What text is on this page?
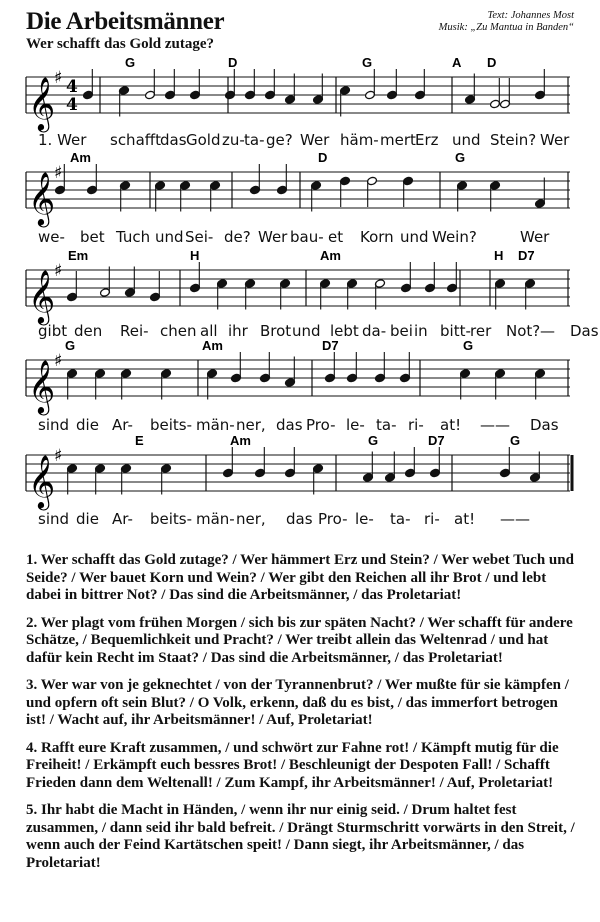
Die Arbeitsmänner
Wer schafft das Gold zutage?
Text: Johannes Most
Musik: „Zu Mantua in Banden“
𝄞
♯ 4
4
G	D	G	A D
1. Wer schafft das Gold zu- ta- ge? Wer häm- mert Erz und Stein? Wer
𝄞
♯
Am	D	G
we- bet Tuch und Sei- de? Wer bau- et Korn und Wein?	Wer
𝄞
♯
Em	H	Am	H D7
gibt den Rei- chen all ihr Brot und lebt da- bei in bitt- rer Not? — Das
𝄞
♯
G	Am	D7	G
sind die Ar- beits- män- ner, das Pro- le- ta- ri- at! —— Das
𝄞
♯
E	Am	G	D7	G
sind die Ar- beits- män- ner, das Pro- le- ta- ri- at! ——

1. Wer schafft das Gold zutage? / Wer hämmert Erz und Stein? / Wer webet Tuch und Seide? / Wer bauet Korn und Wein? / Wer gibt den Reichen all ihr Brot / und lebt dabei in bittrer Not? / Das sind die Arbeitsmänner, / das Proletariat!

2. Wer plagt vom frühen Morgen / sich bis zur späten Nacht? / Wer schafft für andere Schätze, / Bequemlichkeit und Pracht? / Wer treibt allein das Weltenrad / und hat dafür kein Recht im Staat? / Das sind die Arbeitsmänner, / das Proletariat!

3. Wer war von je geknechtet / von der Tyrannenbrut? / Wer mußte für sie kämpfen / und opfern oft sein Blut? / O Volk, erkenn, daß du es bist, / das immerfort betrogen ist! / Wacht auf, ihr Arbeitsmänner! / Auf, Proletariat!

4. Rafft eure Kraft zusammen, / und schwört zur Fahne rot! / Kämpft mutig für die Freiheit! / Erkämpft euch bessres Brot! / Beschleunigt der Despoten Fall! / Schafft Frieden dann dem Weltenall! / Zum Kampf, ihr Arbeitsmänner! / Auf, Proletariat!

5. Ihr habt die Macht in Händen, / wenn ihr nur einig seid. / Drum haltet fest zusammen, / dann seid ihr bald befreit. / Drängt Sturmschritt vorwärts in den Streit, / wenn auch der Feind Kartätschen speit! / Dann siegt, ihr Arbeitsmänner, / das Proletariat!
